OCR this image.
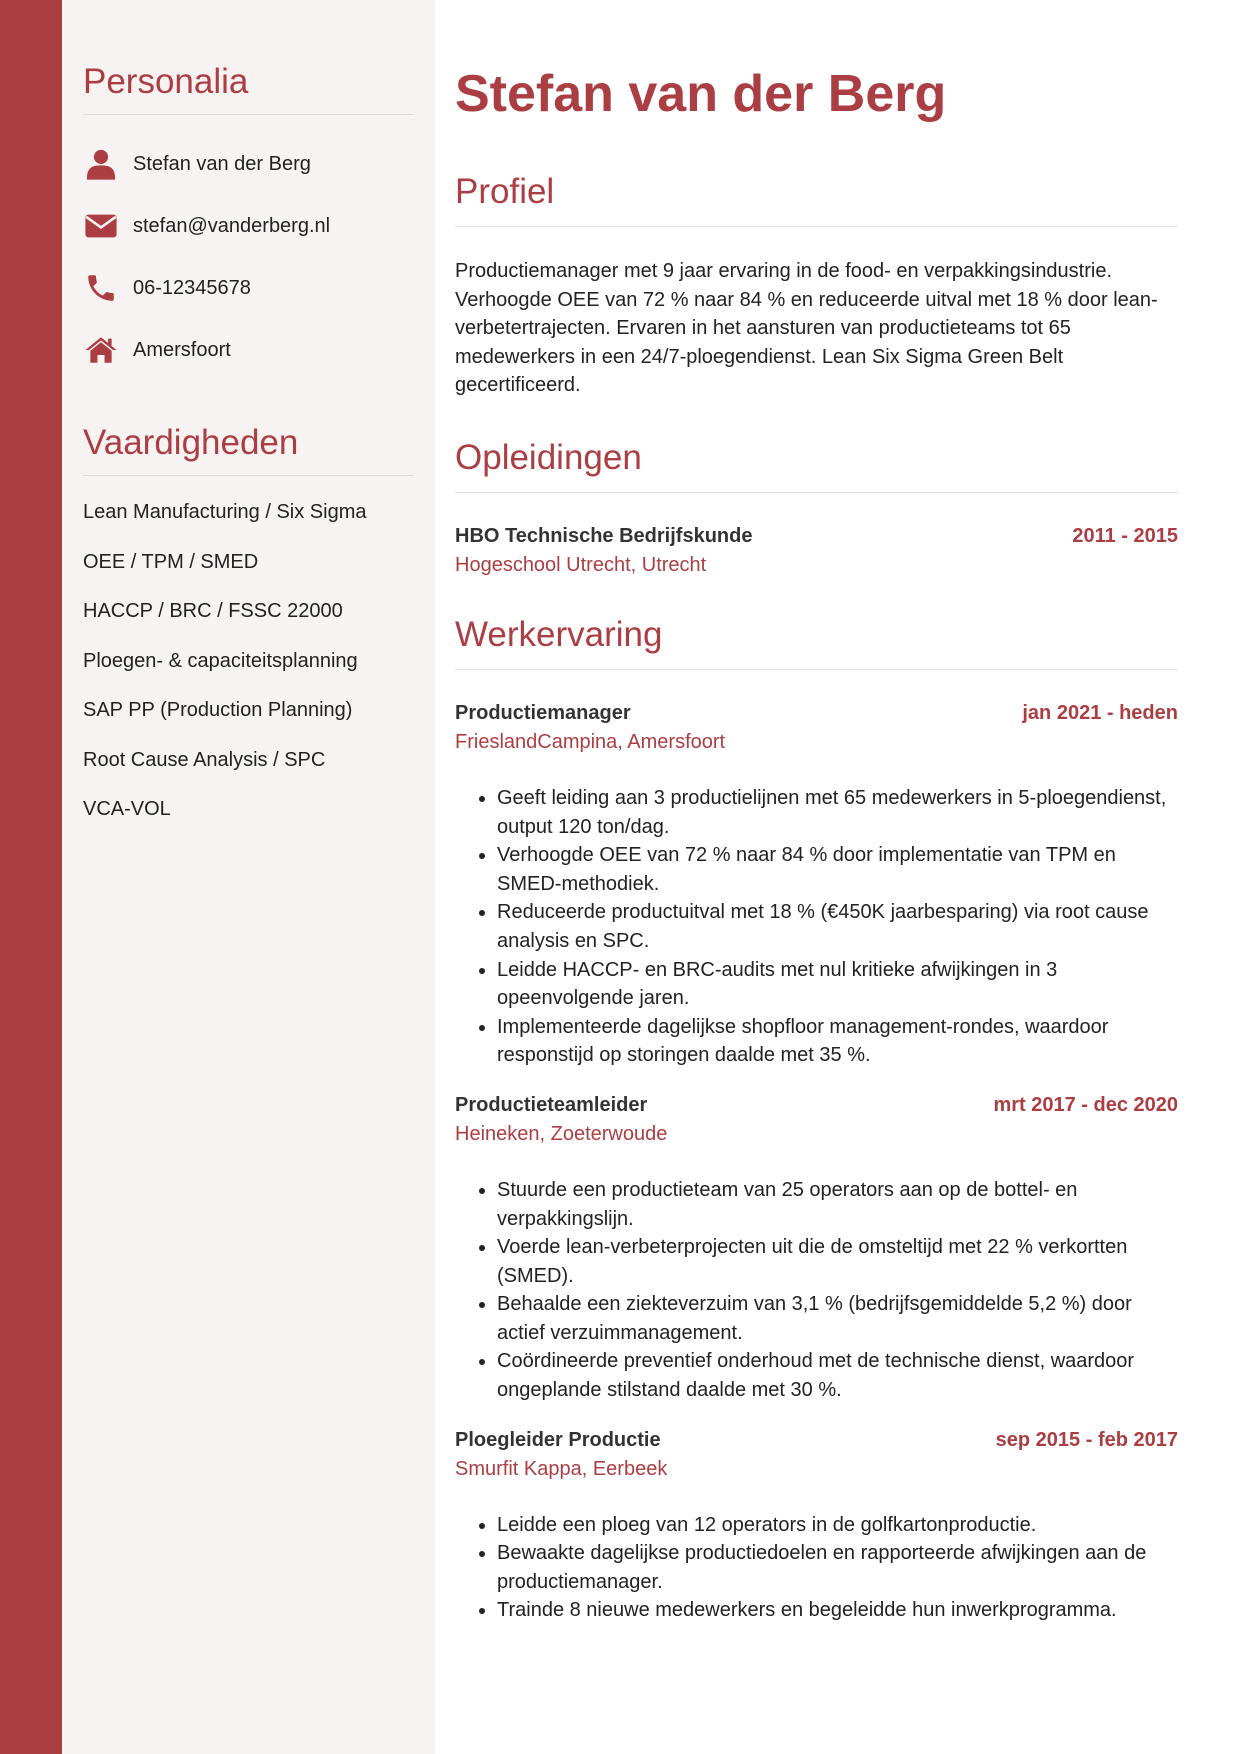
Personalia
Stefan van der Berg
stefan@vanderberg.nl
06-12345678
Amersfoort
Vaardigheden
Lean Manufacturing / Six Sigma
OEE / TPM / SMED
HACCP / BRC / FSSC 22000
Ploegen- & capaciteitsplanning
SAP PP (Production Planning)
Root Cause Analysis / SPC
VCA-VOL
Stefan van der Berg
Profiel

Productiemanager met 9 jaar ervaring in de food- en verpakkingsindustrie. Verhoogde OEE van 72 % naar 84 % en reduceerde uitval met 18 % door lean-verbetertrajecten. Ervaren in het aansturen van productieteams tot 65 medewerkers in een 24/7-ploegendienst. Lean Six Sigma Green Belt gecertificeerd.

Opleidingen
HBO Technische Bedrijfskunde	2011 - 2015
Hogeschool Utrecht, Utrecht
Werkervaring
Productiemanager	jan 2021 - heden
FrieslandCampina, Amersfoort
• Geeft leiding aan 3 productielijnen met 65 medewerkers in 5-ploegendienst, output 120 ton/dag.
• Verhoogde OEE van 72 % naar 84 % door implementatie van TPM en SMED-methodiek.
• Reduceerde productuitval met 18 % (€450K jaarbesparing) via root cause analysis en SPC.
• Leidde HACCP- en BRC-audits met nul kritieke afwijkingen in 3 opeenvolgende jaren.
• Implementeerde dagelijkse shopfloor management-rondes, waardoor responstijd op storingen daalde met 35 %.
Productieteamleider	mrt 2017 - dec 2020
Heineken, Zoeterwoude
• Stuurde een productieteam van 25 operators aan op de bottel- en verpakkingslijn.
• Voerde lean-verbeterprojecten uit die de omsteltijd met 22 % verkortten (SMED).
• Behaalde een ziekteverzuim van 3,1 % (bedrijfsgemiddelde 5,2 %) door actief verzuimmanagement.
• Coördineerde preventief onderhoud met de technische dienst, waardoor ongeplande stilstand daalde met 30 %.
Ploegleider Productie	sep 2015 - feb 2017
Smurfit Kappa, Eerbeek
• Leidde een ploeg van 12 operators in de golfkartonproductie.
• Bewaakte dagelijkse productiedoelen en rapporteerde afwijkingen aan de productiemanager.
• Trainde 8 nieuwe medewerkers en begeleidde hun inwerkprogramma.
